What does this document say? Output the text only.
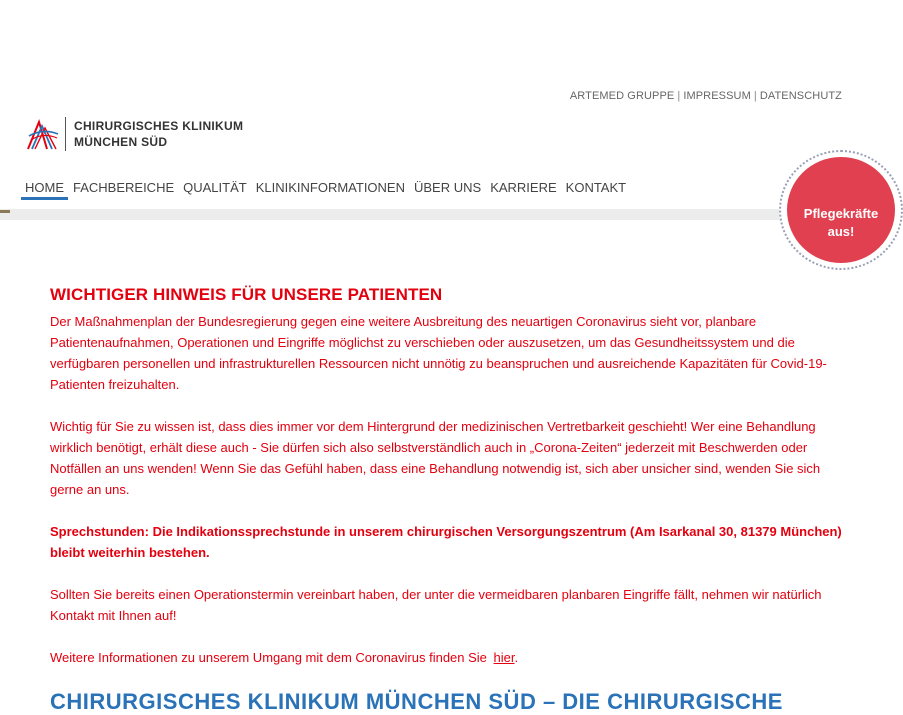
ARTEMED GRUPPE | IMPRESSUM | DATENSCHUTZ
CHIRURGISCHES KLINIKUM
MÜNCHEN SÜD
HOME FACHBEREICHE QUALITÄT KLINIKINFORMATIONEN ÜBER UNS KARRIERE KONTAKT
Pflegekräfte
aus!
WICHTIGER HINWEIS FÜR UNSERE PATIENTEN

Der Maßnahmenplan der Bundesregierung gegen eine weitere Ausbreitung des neuartigen Coronavirus sieht vor, planbare Patientenaufnahmen, Operationen und Eingriffe möglichst zu verschieben oder auszusetzen, um das Gesundheitssystem und die verfügbaren personellen und infrastrukturellen Ressourcen nicht unnötig zu beanspruchen und ausreichende Kapazitäten für Covid-19-Patienten freizuhalten.

Wichtig für Sie zu wissen ist, dass dies immer vor dem Hintergrund der medizinischen Vertretbarkeit geschieht! Wer eine Behandlung wirklich benötigt, erhält diese auch - Sie dürfen sich also selbstverständlich auch in „Corona-Zeiten“ jederzeit mit Beschwerden oder Notfällen an uns wenden! Wenn Sie das Gefühl haben, dass eine Behandlung notwendig ist, sich aber unsicher sind, wenden Sie sich gerne an uns.

Sprechstunden: Die Indikationssprechstunde in unserem chirurgischen Versorgungszentrum (Am Isarkanal 30, 81379 München) bleibt weiterhin bestehen.

Sollten Sie bereits einen Operationstermin vereinbart haben, der unter die vermeidbaren planbaren Eingriffe fällt, nehmen wir natürlich Kontakt mit Ihnen auf!

Weitere Informationen zu unserem Umgang mit dem Coronavirus finden Sie hier.

CHIRURGISCHES KLINIKUM MÜNCHEN SÜD – DIE CHIRURGISCHE
